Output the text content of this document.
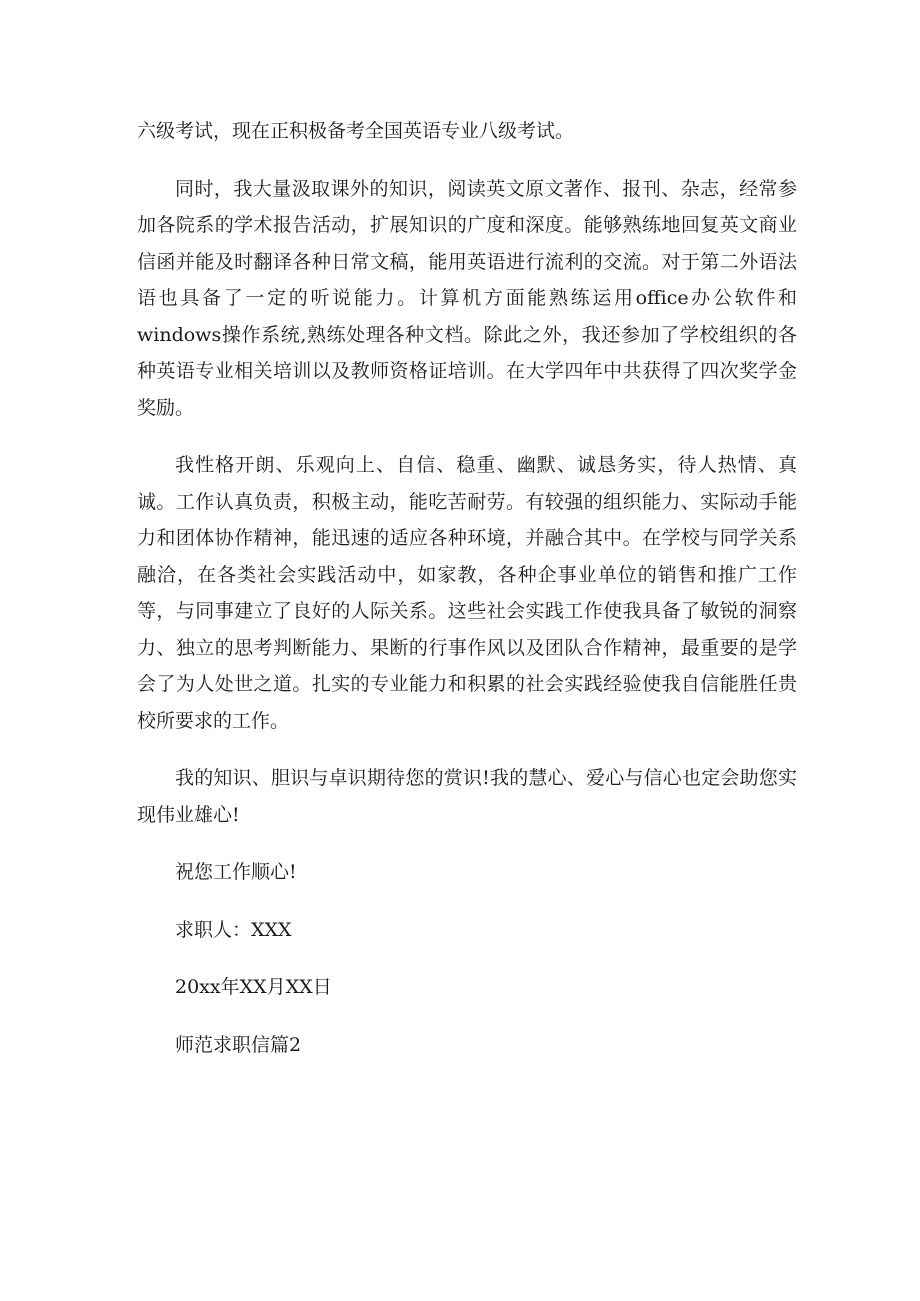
六级考试，现在正积极备考全国英语专业八级考试。

同时，我大量汲取课外的知识，阅读英文原文著作、报刊、杂志，经常参加各院系的学术报告活动，扩展知识的广度和深度。能够熟练地回复英文商业信函并能及时翻译各种日常文稿，能用英语进行流利的交流。对于第二外语法语也具备了一定的听说能力。计算机方面能熟练运用office办公软件和windows操作系统,熟练处理各种文档。除此之外，我还参加了学校组织的各种英语专业相关培训以及教师资格证培训。在大学四年中共获得了四次奖学金奖励。

我性格开朗、乐观向上、自信、稳重、幽默、诚恳务实，待人热情、真诚。工作认真负责，积极主动，能吃苦耐劳。有较强的组织能力、实际动手能力和团体协作精神，能迅速的适应各种环境，并融合其中。在学校与同学关系融洽，在各类社会实践活动中，如家教，各种企事业单位的销售和推广工作等，与同事建立了良好的人际关系。这些社会实践工作使我具备了敏锐的洞察力、独立的思考判断能力、果断的行事作风以及团队合作精神，最重要的是学会了为人处世之道。扎实的专业能力和积累的社会实践经验使我自信能胜任贵校所要求的工作。

我的知识、胆识与卓识期待您的赏识!我的慧心、爱心与信心也定会助您实现伟业雄心!

祝您工作顺心!

求职人：XXX

20xx年XX月XX日

师范求职信篇2
